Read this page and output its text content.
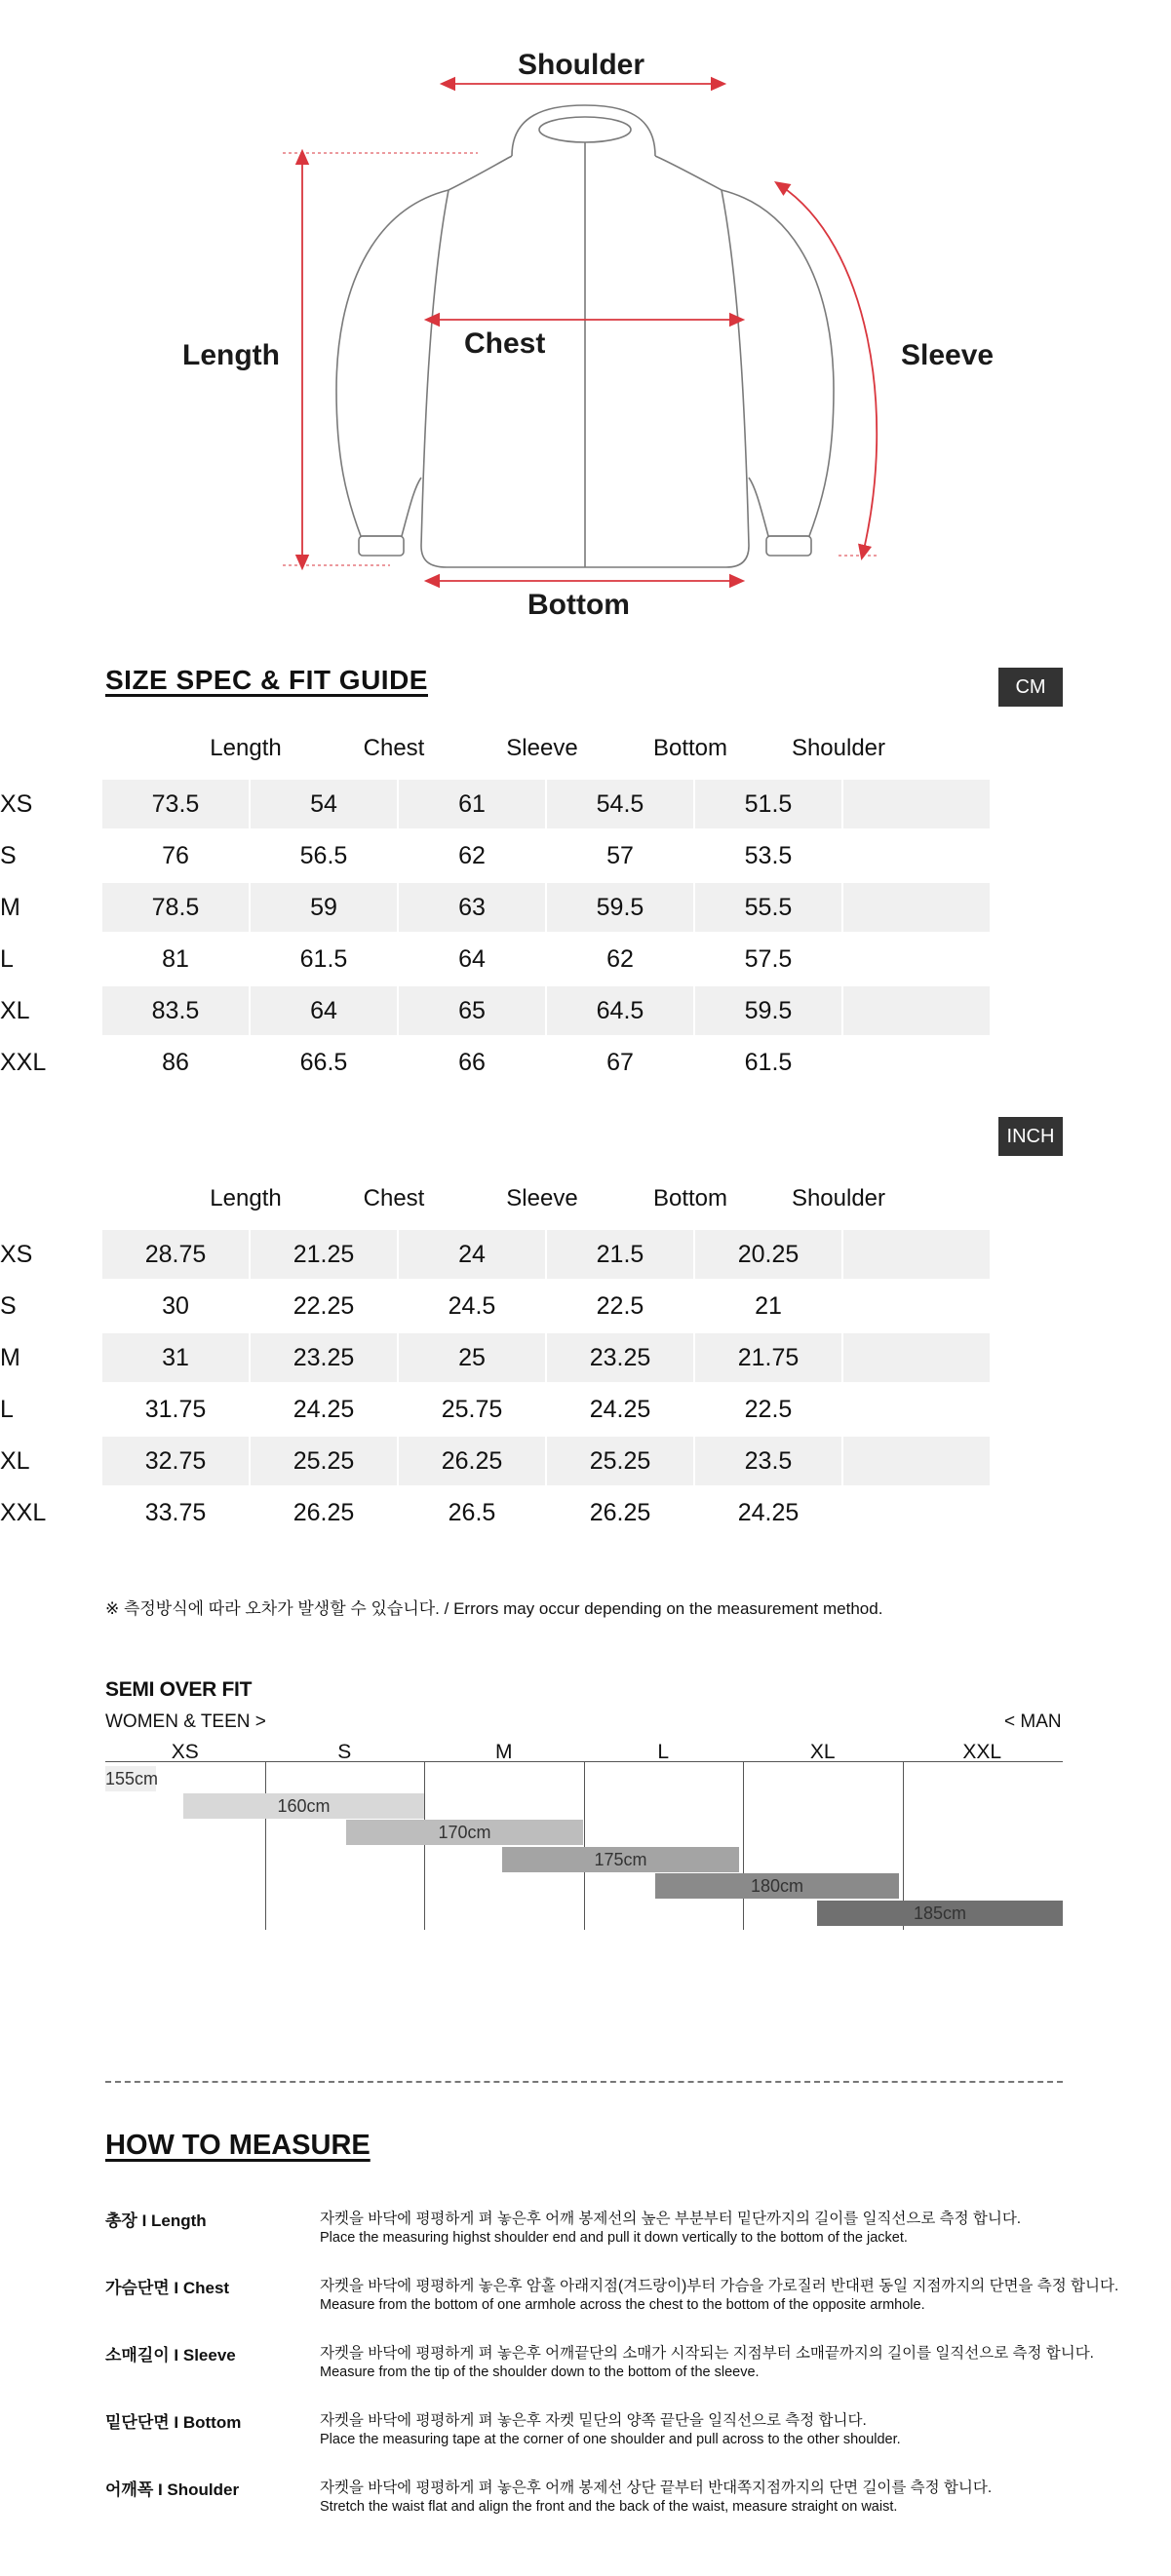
Shoulder
Length	Chest	Sleeve
Bottom
SIZE SPEC & FIT GUIDE	CM
Length	Chest	Sleeve	Bottom	Shoulder
XS	73.5	54	61	54.5	51.5
S	76	56.5	62	57	53.5
M	78.5	59	63	59.5	55.5
L	81	61.5	64	62	57.5
XL	83.5	64	65	64.5	59.5
XXL	86	66.5	66	67	61.5
INCH
Length	Chest	Sleeve	Bottom	Shoulder
XS	28.75	21.25	24	21.5	20.25
S	30	22.25	24.5	22.5	21
M	31	23.25	25	23.25	21.75
L	31.75	24.25	25.75	24.25	22.5
XL	32.75	25.25	26.25	25.25	23.5
XXL	33.75	26.25	26.5	26.25	24.25
※ 측정방식에 따라 오차가 발생할 수 있습니다. / Errors may occur depending on the measurement method.
SEMI OVER FIT
WOMEN & TEEN >	< MAN
XS	S	M	L	XL	XXL
155cm
160cm
170cm
175cm
180cm
185cm
HOW TO MEASURE
총장 I Length	자켓을 바닥에 평평하게 펴 놓은후 어깨 봉제선의 높은 부분부터 밑단까지의 길이를 일직선으로 측정 합니다.
Place the measuring highst shoulder end and pull it down vertically to the bottom of the jacket.
가슴단면 I Chest	자켓을 바닥에 평평하게 놓은후 암홀 아래지점(겨드랑이)부터 가슴을 가로질러 반대편 동일 지점까지의 단면을 측정 합니다.
Measure from the bottom of one armhole across the chest to the bottom of the opposite armhole.
소매길이 I Sleeve	자켓을 바닥에 평평하게 펴 놓은후 어깨끝단의 소매가 시작되는 지점부터 소매끝까지의 길이를 일직선으로 측정 합니다.
Measure from the tip of the shoulder down to the bottom of the sleeve.
밑단단면 I Bottom	자켓을 바닥에 평평하게 펴 놓은후 자켓 밑단의 양쪽 끝단을 일직선으로 측정 합니다.
Place the measuring tape at the corner of one shoulder and pull across to the other shoulder.
어깨폭 I Shoulder	자켓을 바닥에 평평하게 펴 놓은후 어깨 봉제선 상단 끝부터 반대쪽지점까지의 단면 길이를 측정 합니다.
Stretch the waist flat and align the front and the back of the waist, measure straight on waist.
